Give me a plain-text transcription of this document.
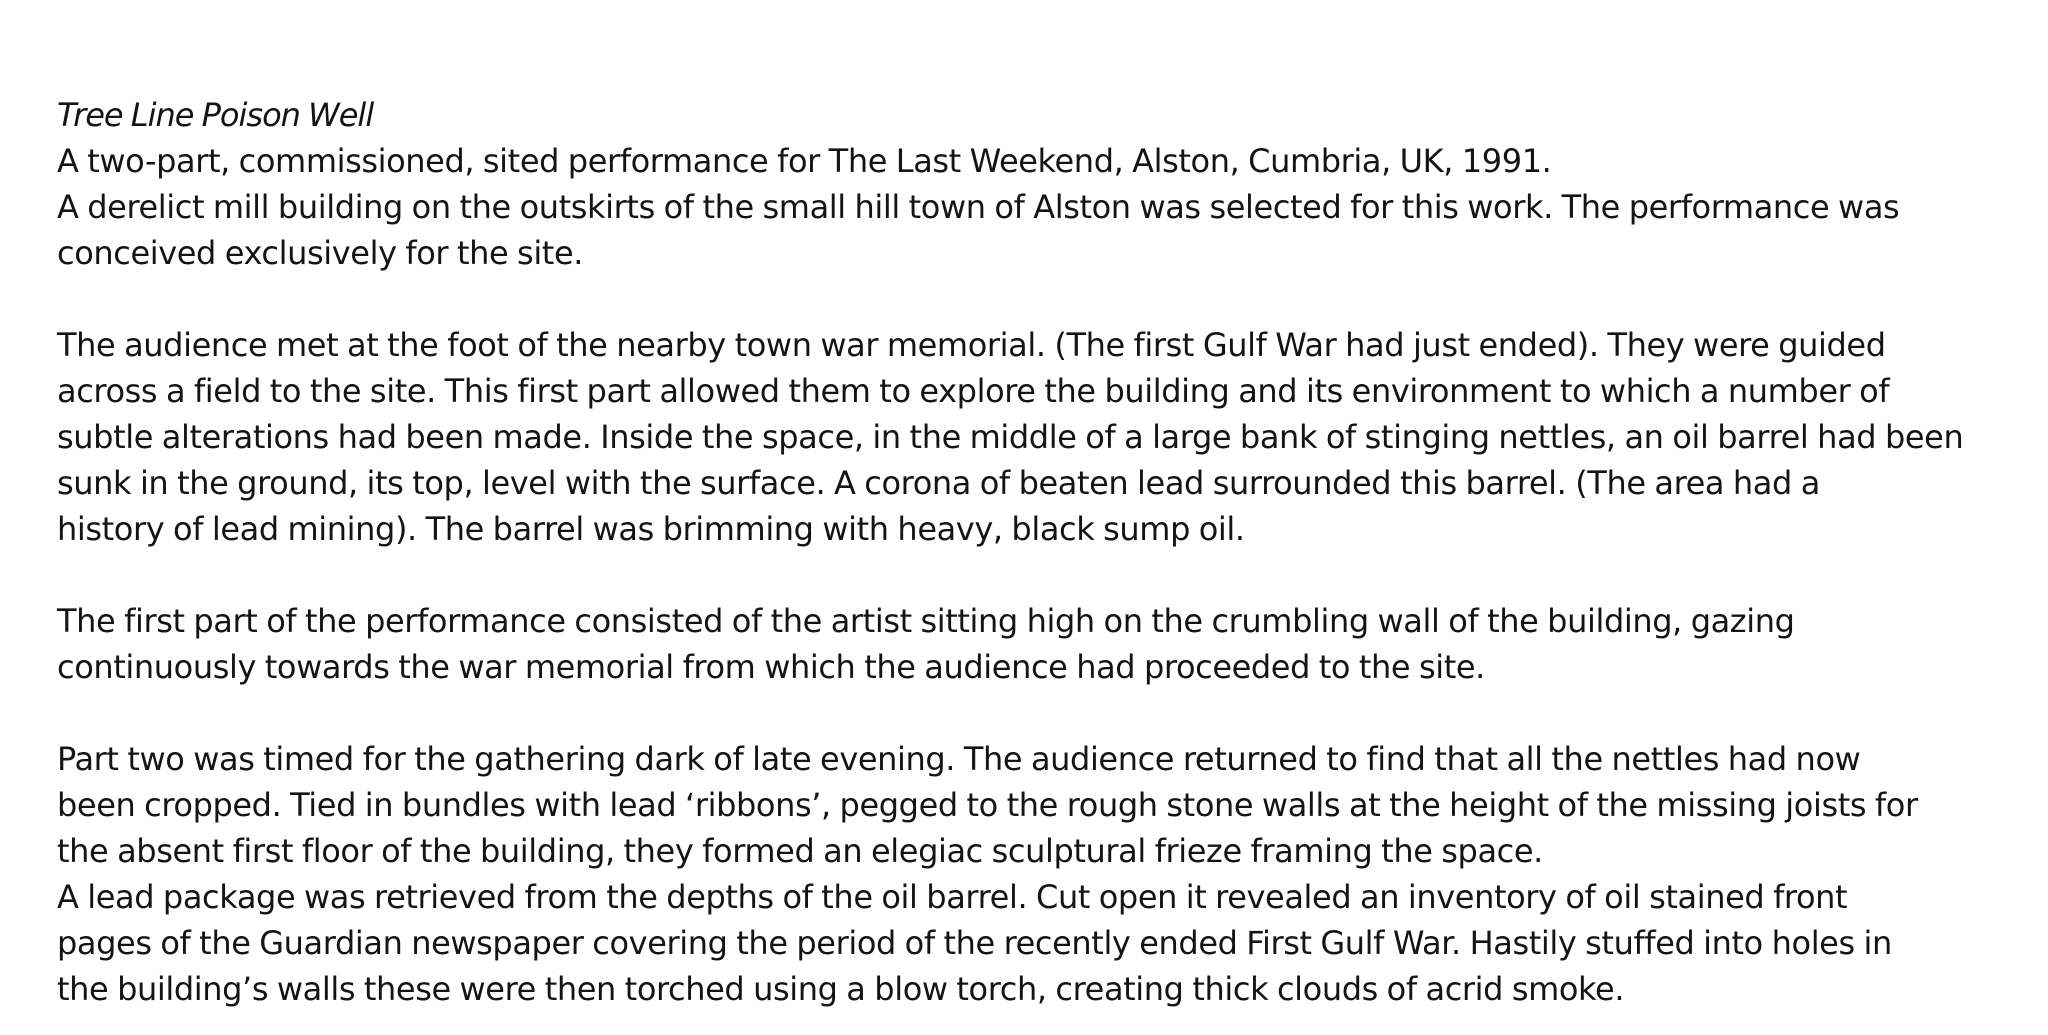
Tree Line Poison Well

A two-part, commissioned, sited performance for The Last Weekend, Alston, Cumbria, UK, 1991.

A derelict mill building on the outskirts of the small hill town of Alston was selected for this work. The performance was

conceived exclusively for the site.

The audience met at the foot of the nearby town war memorial. (The first Gulf War had just ended). They were guided

across a field to the site. This first part allowed them to explore the building and its environment to which a number of

subtle alterations had been made. Inside the space, in the middle of a large bank of stinging nettles, an oil barrel had been

sunk in the ground, its top, level with the surface. A corona of beaten lead surrounded this barrel. (The area had a

history of lead mining). The barrel was brimming with heavy, black sump oil.

The first part of the performance consisted of the artist sitting high on the crumbling wall of the building, gazing

continuously towards the war memorial from which the audience had proceeded to the site.

Part two was timed for the gathering dark of late evening. The audience returned to find that all the nettles had now

been cropped. Tied in bundles with lead ‘ribbons’, pegged to the rough stone walls at the height of the missing joists for

the absent first floor of the building, they formed an elegiac sculptural frieze framing the space.

A lead package was retrieved from the depths of the oil barrel. Cut open it revealed an inventory of oil stained front

pages of the Guardian newspaper covering the period of the recently ended First Gulf War. Hastily stuffed into holes in

the building’s walls these were then torched using a blow torch, creating thick clouds of acrid smoke.
